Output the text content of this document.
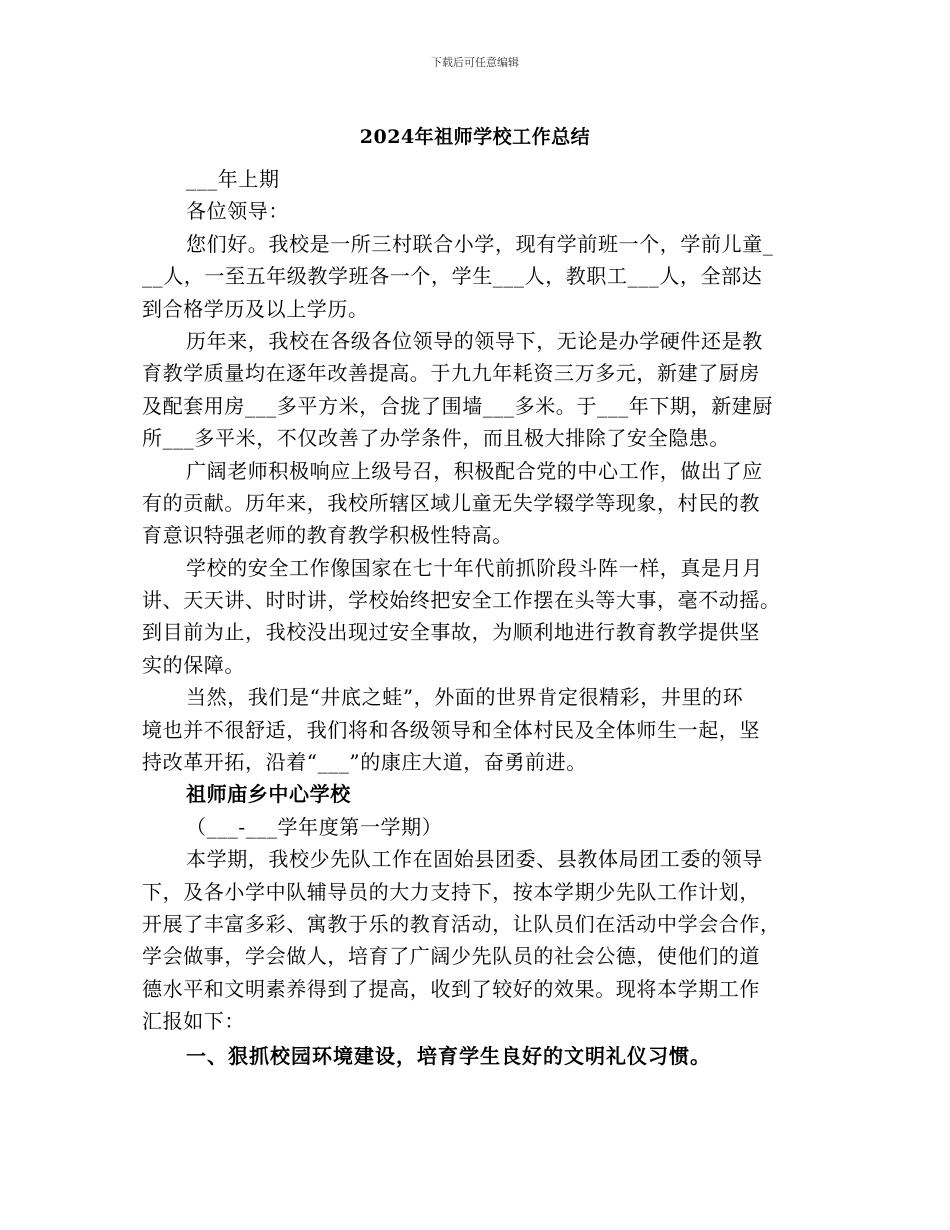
下载后可任意编辑
2024年祖师学校工作总结
___年上期
各位领导：
您们好。我校是一所三村联合小学，现有学前班一个，学前儿童_
__人，一至五年级教学班各一个，学生___人，教职工___人，全部达
到合格学历及以上学历。
历年来，我校在各级各位领导的领导下，无论是办学硬件还是教
育教学质量均在逐年改善提高。于九九年耗资三万多元，新建了厨房
及配套用房___多平方米，合拢了围墙___多米。于___年下期，新建厨
所___多平米，不仅改善了办学条件，而且极大排除了安全隐患。
广阔老师积极响应上级号召，积极配合党的中心工作，做出了应
有的贡献。历年来，我校所辖区域儿童无失学辍学等现象，村民的教
育意识特强老师的教育教学积极性特高。
学校的安全工作像国家在七十年代前抓阶段斗阵一样，真是月月
讲、天天讲、时时讲，学校始终把安全工作摆在头等大事，毫不动摇。
到目前为止，我校没出现过安全事故，为顺利地进行教育教学提供坚
实的保障。
当然，我们是“井底之蛙”，外面的世界肯定很精彩，井里的环
境也并不很舒适，我们将和各级领导和全体村民及全体师生一起，坚
持改革开拓，沿着“___”的康庄大道，奋勇前进。
祖师庙乡中心学校
（___-___学年度第一学期）
本学期，我校少先队工作在固始县团委、县教体局团工委的领导
下，及各小学中队辅导员的大力支持下，按本学期少先队工作计划，
开展了丰富多彩、寓教于乐的教育活动，让队员们在活动中学会合作，
学会做事，学会做人，培育了广阔少先队员的社会公德，使他们的道
德水平和文明素养得到了提高，收到了较好的效果。现将本学期工作
汇报如下：
一、狠抓校园环境建设，培育学生良好的文明礼仪习惯。
